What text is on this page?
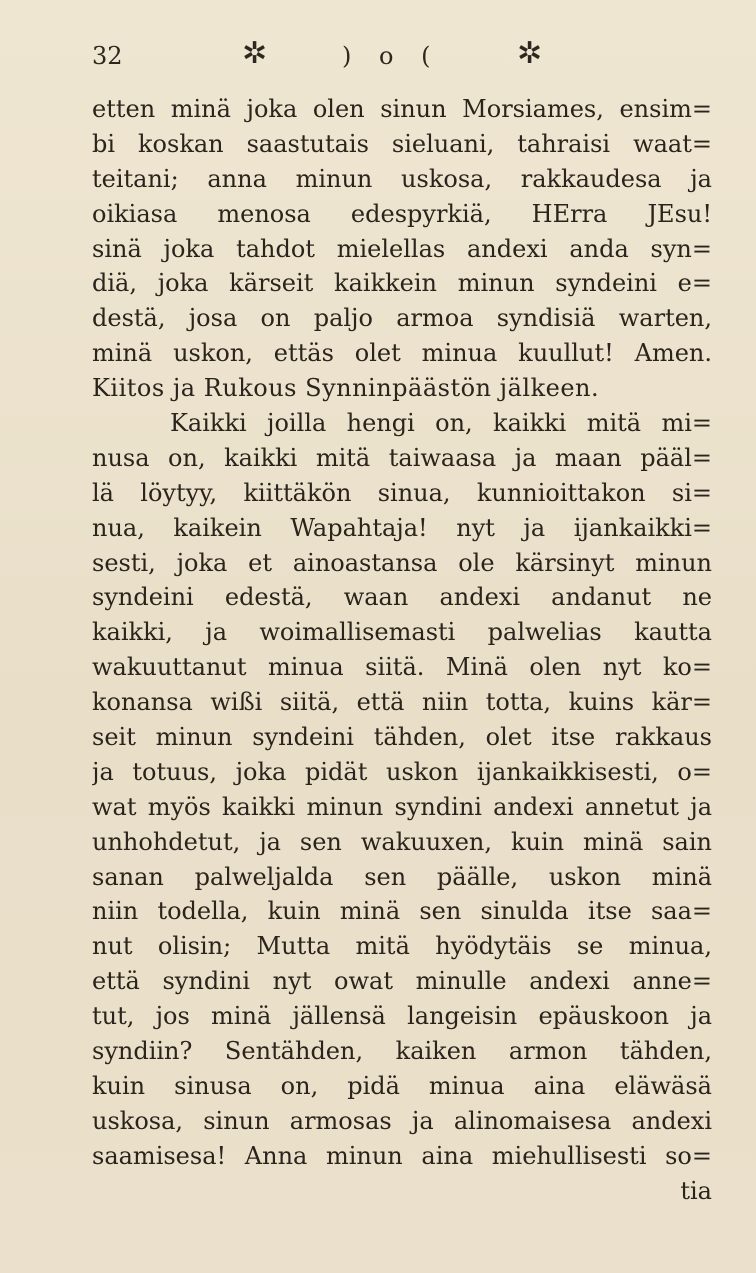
32	✲	) o (	✲
etten minä joka olen sinun Morsiames, ensim=
bi koskan saastutais sieluani, tahraisi waat=
teitani; anna minun uskosa, rakkaudesa ja
oikiasa menosa edespyrkiä, HErra JEsu!
sinä joka tahdot mielellas andexi anda syn=
diä, joka kärseit kaikkein minun syndeini e=
destä, josa on paljo armoa syndisiä warten,
minä uskon, ettäs olet minua kuullut! Amen.
Kiitos ja Rukous Synninpäästön jälkeen.
Kaikki joilla hengi on, kaikki mitä mi=
nusa on, kaikki mitä taiwaasa ja maan pääl=
lä löytyy, kiittäkön sinua, kunnioittakon si=
nua, kaikein Wapahtaja! nyt ja ijankaikki=
sesti, joka et ainoastansa ole kärsinyt minun
syndeini edestä, waan andexi andanut ne
kaikki, ja woimallisemasti palwelias kautta
wakuuttanut minua siitä. Minä olen nyt ko=
konansa wißi siitä, että niin totta, kuins kär=
seit minun syndeini tähden, olet itse rakkaus
ja totuus, joka pidät uskon ijankaikkisesti, o=
wat myös kaikki minun syndini andexi annetut ja
unhohdetut, ja sen wakuuxen, kuin minä sain
sanan palweljalda sen päälle, uskon minä
niin todella, kuin minä sen sinulda itse saa=
nut olisin; Mutta mitä hyödytäis se minua,
että syndini nyt owat minulle andexi anne=
tut, jos minä jällensä langeisin epäuskoon ja
syndiin? Sentähden, kaiken armon tähden,
kuin sinusa on, pidä minua aina eläwäsä
uskosa, sinun armosas ja alinomaisesa andexi
saamisesa! Anna minun aina miehullisesti so=
tia
